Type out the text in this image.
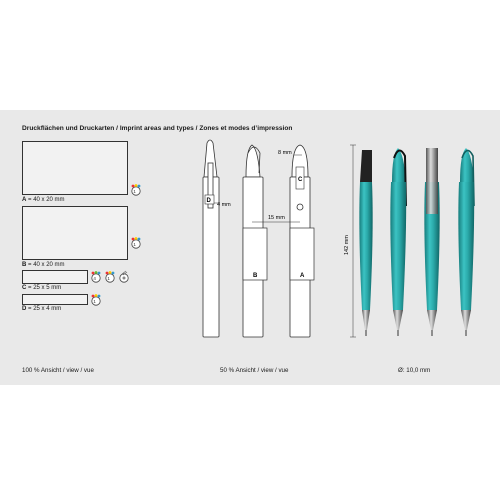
Druckflächen und Druckarten / Imprint areas and types / Zones et modes d’impression
A = 40 x 20 mm
B = 40 x 20 mm
C = 25 x 5 mm
D = 25 x 4 mm
1
1
4	1
1
D
4 mm
B
C
A
8 mm
15 mm
142 mm
100 % Ansicht / view / vue	50 % Ansicht / view / vue	Ø: 10,0 mm
